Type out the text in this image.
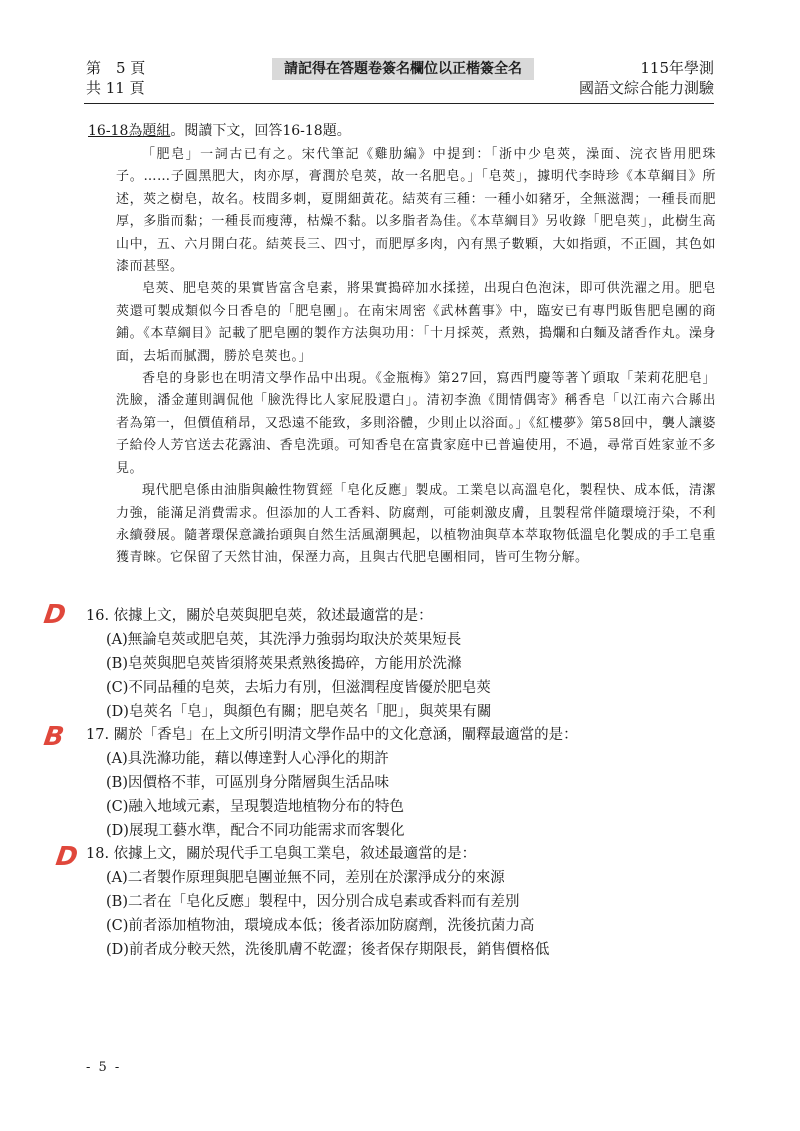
第　5 頁
共 11 頁
請記得在答題卷簽名欄位以正楷簽全名	115年學測
國語文綜合能力測驗
16-18為題組。閱讀下文，回答16-18題。

「肥皂」一詞古已有之。宋代筆記《雞肋編》中提到：「浙中少皂莢，澡面、浣衣皆用肥珠子。……子圓黑肥大，肉亦厚，膏潤於皂莢，故一名肥皂。」「皂莢」，據明代李時珍《本草綱目》所述，莢之樹皂，故名。枝間多刺，夏開細黃花。結莢有三種：一種小如豬牙，全無滋潤；一種長而肥厚，多脂而黏；一種長而瘦薄，枯燥不黏。以多脂者為佳。《本草綱目》另收錄「肥皂莢」，此樹生高山中，五、六月開白花。結莢長三、四寸，而肥厚多肉，內有黑子數顆，大如指頭，不正圓，其色如漆而甚堅。

皂莢、肥皂莢的果實皆富含皂素，將果實搗碎加水揉搓，出現白色泡沫，即可供洗濯之用。肥皂莢還可製成類似今日香皂的「肥皂團」。在南宋周密《武林舊事》中，臨安已有專門販售肥皂團的商鋪。《本草綱目》記載了肥皂團的製作方法與功用：「十月採莢，煮熟，搗爛和白麵及諸香作丸。澡身面，去垢而膩潤，勝於皂莢也。」

香皂的身影也在明清文學作品中出現。《金瓶梅》第27回，寫西門慶等著丫頭取「茉莉花肥皂」洗臉，潘金蓮則調侃他「臉洗得比人家屁股還白」。清初李漁《閒情偶寄》稱香皂「以江南六合縣出者為第一，但價值稍昂，又恐遠不能致，多則浴體，少則止以浴面。」《紅樓夢》第58回中，襲人讓婆子給伶人芳官送去花露油、香皂洗頭。可知香皂在富貴家庭中已普遍使用，不過，尋常百姓家並不多見。

現代肥皂係由油脂與鹼性物質經「皂化反應」製成。工業皂以高溫皂化，製程快、成本低，清潔力強，能滿足消費需求。但添加的人工香料、防腐劑，可能刺激皮膚，且製程常伴隨環境汙染，不利永續發展。隨著環保意識抬頭與自然生活風潮興起，以植物油與草本萃取物低溫皂化製成的手工皂重獲青睞。它保留了天然甘油，保溼力高，且與古代肥皂團相同，皆可生物分解。

D
B
D
16. 依據上文，關於皂莢與肥皂莢，敘述最適當的是：
(A)無論皂莢或肥皂莢，其洗淨力強弱均取決於莢果短長
(B)皂莢與肥皂莢皆須將莢果煮熟後搗碎，方能用於洗滌
(C)不同品種的皂莢，去垢力有別，但滋潤程度皆優於肥皂莢
(D)皂莢名「皂」，與顏色有關；肥皂莢名「肥」，與莢果有關
17. 關於「香皂」在上文所引明清文學作品中的文化意涵，闡釋最適當的是：
(A)具洗滌功能，藉以傳達對人心淨化的期許
(B)因價格不菲，可區別身分階層與生活品味
(C)融入地域元素，呈現製造地植物分布的特色
(D)展現工藝水準，配合不同功能需求而客製化
18. 依據上文，關於現代手工皂與工業皂，敘述最適當的是：
(A)二者製作原理與肥皂團並無不同，差別在於潔淨成分的來源
(B)二者在「皂化反應」製程中，因分別合成皂素或香料而有差別
(C)前者添加植物油，環境成本低；後者添加防腐劑，洗後抗菌力高
(D)前者成分較天然，洗後肌膚不乾澀；後者保存期限長，銷售價格低
- 5 -
